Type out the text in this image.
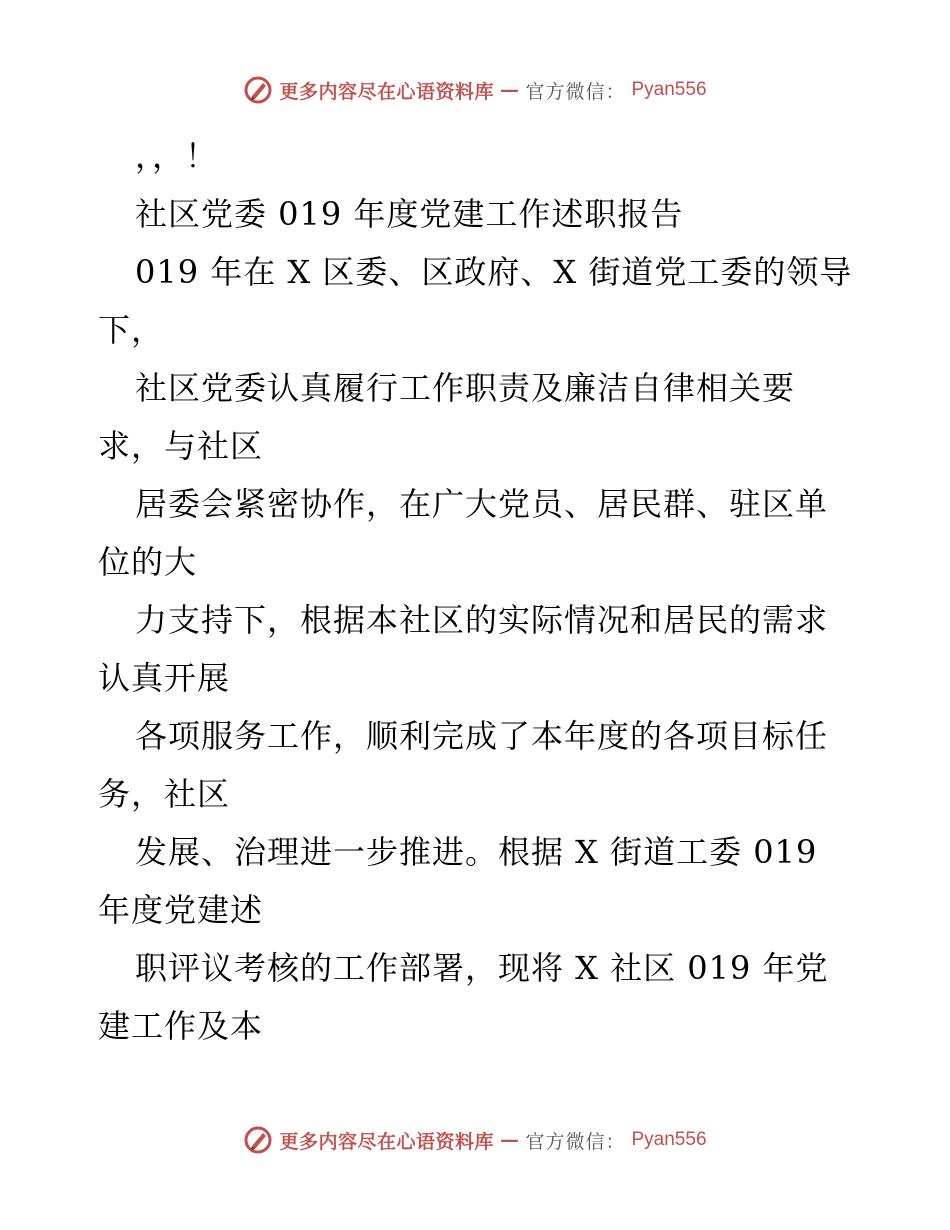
更多内容尽在心语资料库 — 官方微信： Pyan556
，，！
社区党委 019 年度党建工作述职报告
019 年在 X 区委、区政府、X 街道党工委的领导
下，
社区党委认真履行工作职责及廉洁自律相关要
求，与社区
居委会紧密协作，在广大党员、居民群、驻区单
位的大
力支持下，根据本社区的实际情况和居民的需求
认真开展
各项服务工作，顺利完成了本年度的各项目标任
务，社区
发展、治理进一步推进。根据 X 街道工委 019
年度党建述
职评议考核的工作部署，现将 X 社区 019 年党
建工作及本
更多内容尽在心语资料库 — 官方微信： Pyan556
